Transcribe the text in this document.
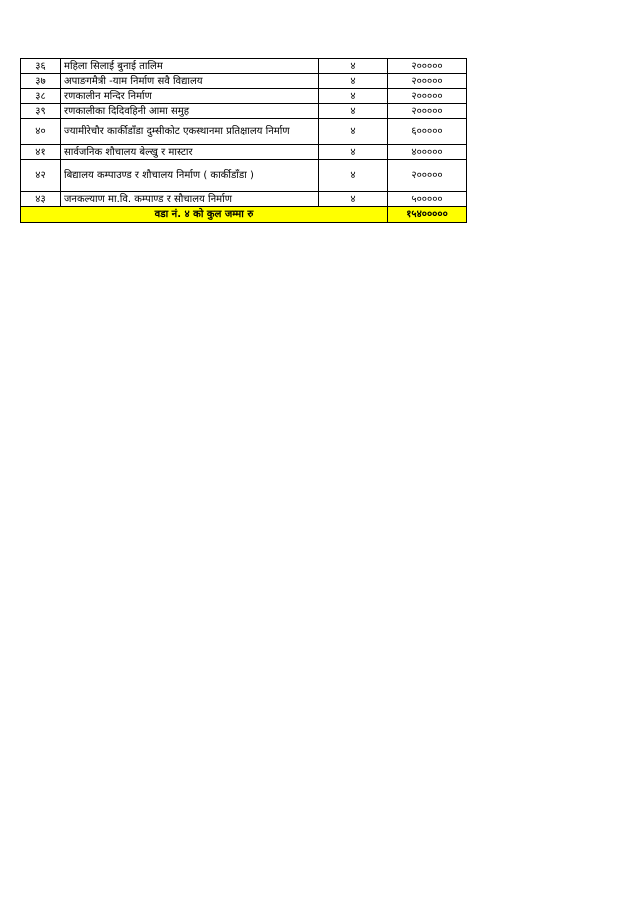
३६	महिला सिलाई बुनाई तालिम	४	२०००००
३७	अपाङगमैत्री -याम निर्माण सवै विद्यालय	४	२०००००
३८	रणकालीन मन्दिर निर्माण	४	२०००००
३९	रणकालीका दिदिवहिनी आमा समुह	४	२०००००
४०	ज्यामीरेचौर कार्कीडाँडा दुम्सीकोट एकस्थानमा प्रतिक्षालय निर्माण	४	६०००००
४१	सार्वजनिक शौचालय बेल्खु र मास्टार	४	४०००००
४२	बिद्यालय कम्पाउण्ड र शौचालय निर्माण ( कार्कीडाँडा )	४	२०००००
४३	जनकल्याण मा.वि. कम्पाण्ड र सौचालय निर्माण	४	५०००००
वडा नं. ४ को कुल जम्मा रु			१५४०००००
